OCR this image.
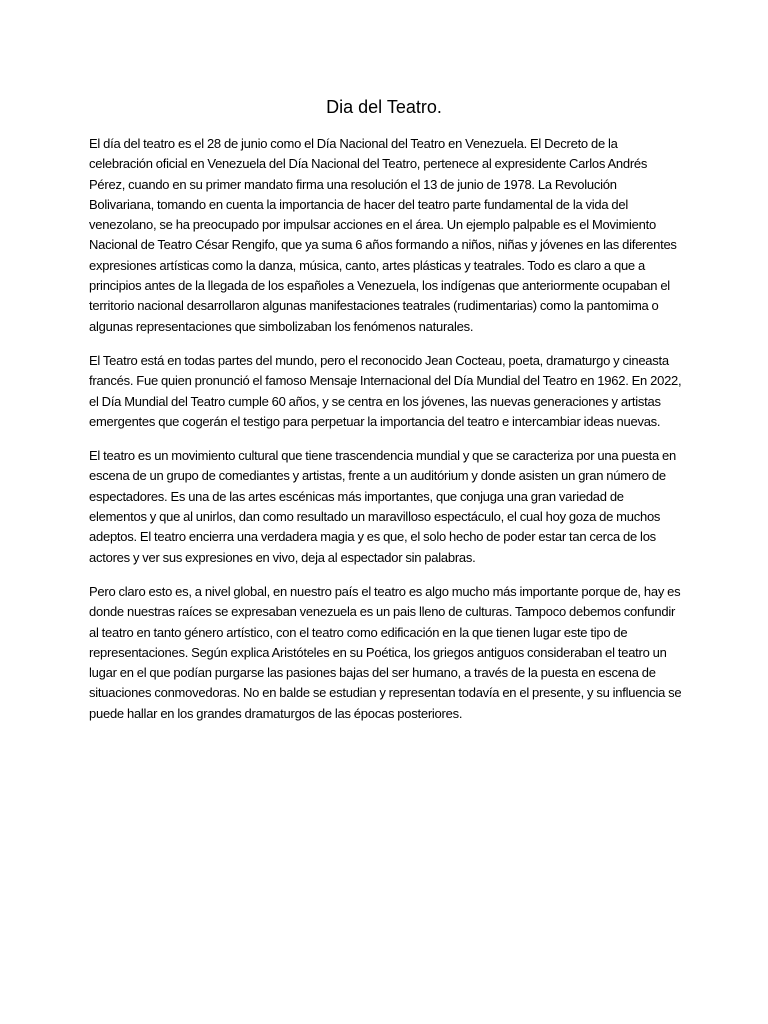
Dia del Teatro.

El día del teatro es el 28 de junio como el Día Nacional del Teatro en Venezuela. El Decreto de la celebración oficial en Venezuela del Día Nacional del Teatro, pertenece al expresidente Carlos Andrés Pérez, cuando en su primer mandato firma una resolución el 13 de junio de 1978. La Revolución Bolivariana, tomando en cuenta la importancia de hacer del teatro parte fundamental de la vida del venezolano, se ha preocupado por impulsar acciones en el área. Un ejemplo palpable es el Movimiento Nacional de Teatro César Rengifo, que ya suma 6 años formando a niños, niñas y jóvenes en las diferentes expresiones artísticas como la danza, música, canto, artes plásticas y teatrales. Todo es claro a que a principios antes de la llegada de los españoles a Venezuela, los indígenas que anteriormente ocupaban el territorio nacional desarrollaron algunas manifestaciones teatrales (rudimentarias) como la pantomima o algunas representaciones que simbolizaban los fenómenos naturales.

El Teatro está en todas partes del mundo, pero el reconocido Jean Cocteau, poeta, dramaturgo y cineasta francés. Fue quien pronunció el famoso Mensaje Internacional del Día Mundial del Teatro en 1962. En 2022, el Día Mundial del Teatro cumple 60 años, y se centra en los jóvenes, las nuevas generaciones y artistas emergentes que cogerán el testigo para perpetuar la importancia del teatro e intercambiar ideas nuevas.

El teatro es un movimiento cultural que tiene trascendencia mundial y que se caracteriza por una puesta en escena de un grupo de comediantes y artistas, frente a un auditórium y donde asisten un gran número de espectadores. Es una de las artes escénicas más importantes, que conjuga una gran variedad de elementos y que al unirlos, dan como resultado un maravilloso espectáculo, el cual hoy goza de muchos adeptos. El teatro encierra una verdadera magia y es que, el solo hecho de poder estar tan cerca de los actores y ver sus expresiones en vivo, deja al espectador sin palabras.

Pero claro esto es, a nivel global, en nuestro país el teatro es algo mucho más importante porque de, hay es donde nuestras raíces se expresaban venezuela es un pais lleno de culturas. Tampoco debemos confundir al teatro en tanto género artístico, con el teatro como edificación en la que tienen lugar este tipo de representaciones. Según explica Aristóteles en su Poética, los griegos antiguos consideraban el teatro un lugar en el que podían purgarse las pasiones bajas del ser humano, a través de la puesta en escena de situaciones conmovedoras. No en balde se estudian y representan todavía en el presente, y su influencia se puede hallar en los grandes dramaturgos de las épocas posteriores.
